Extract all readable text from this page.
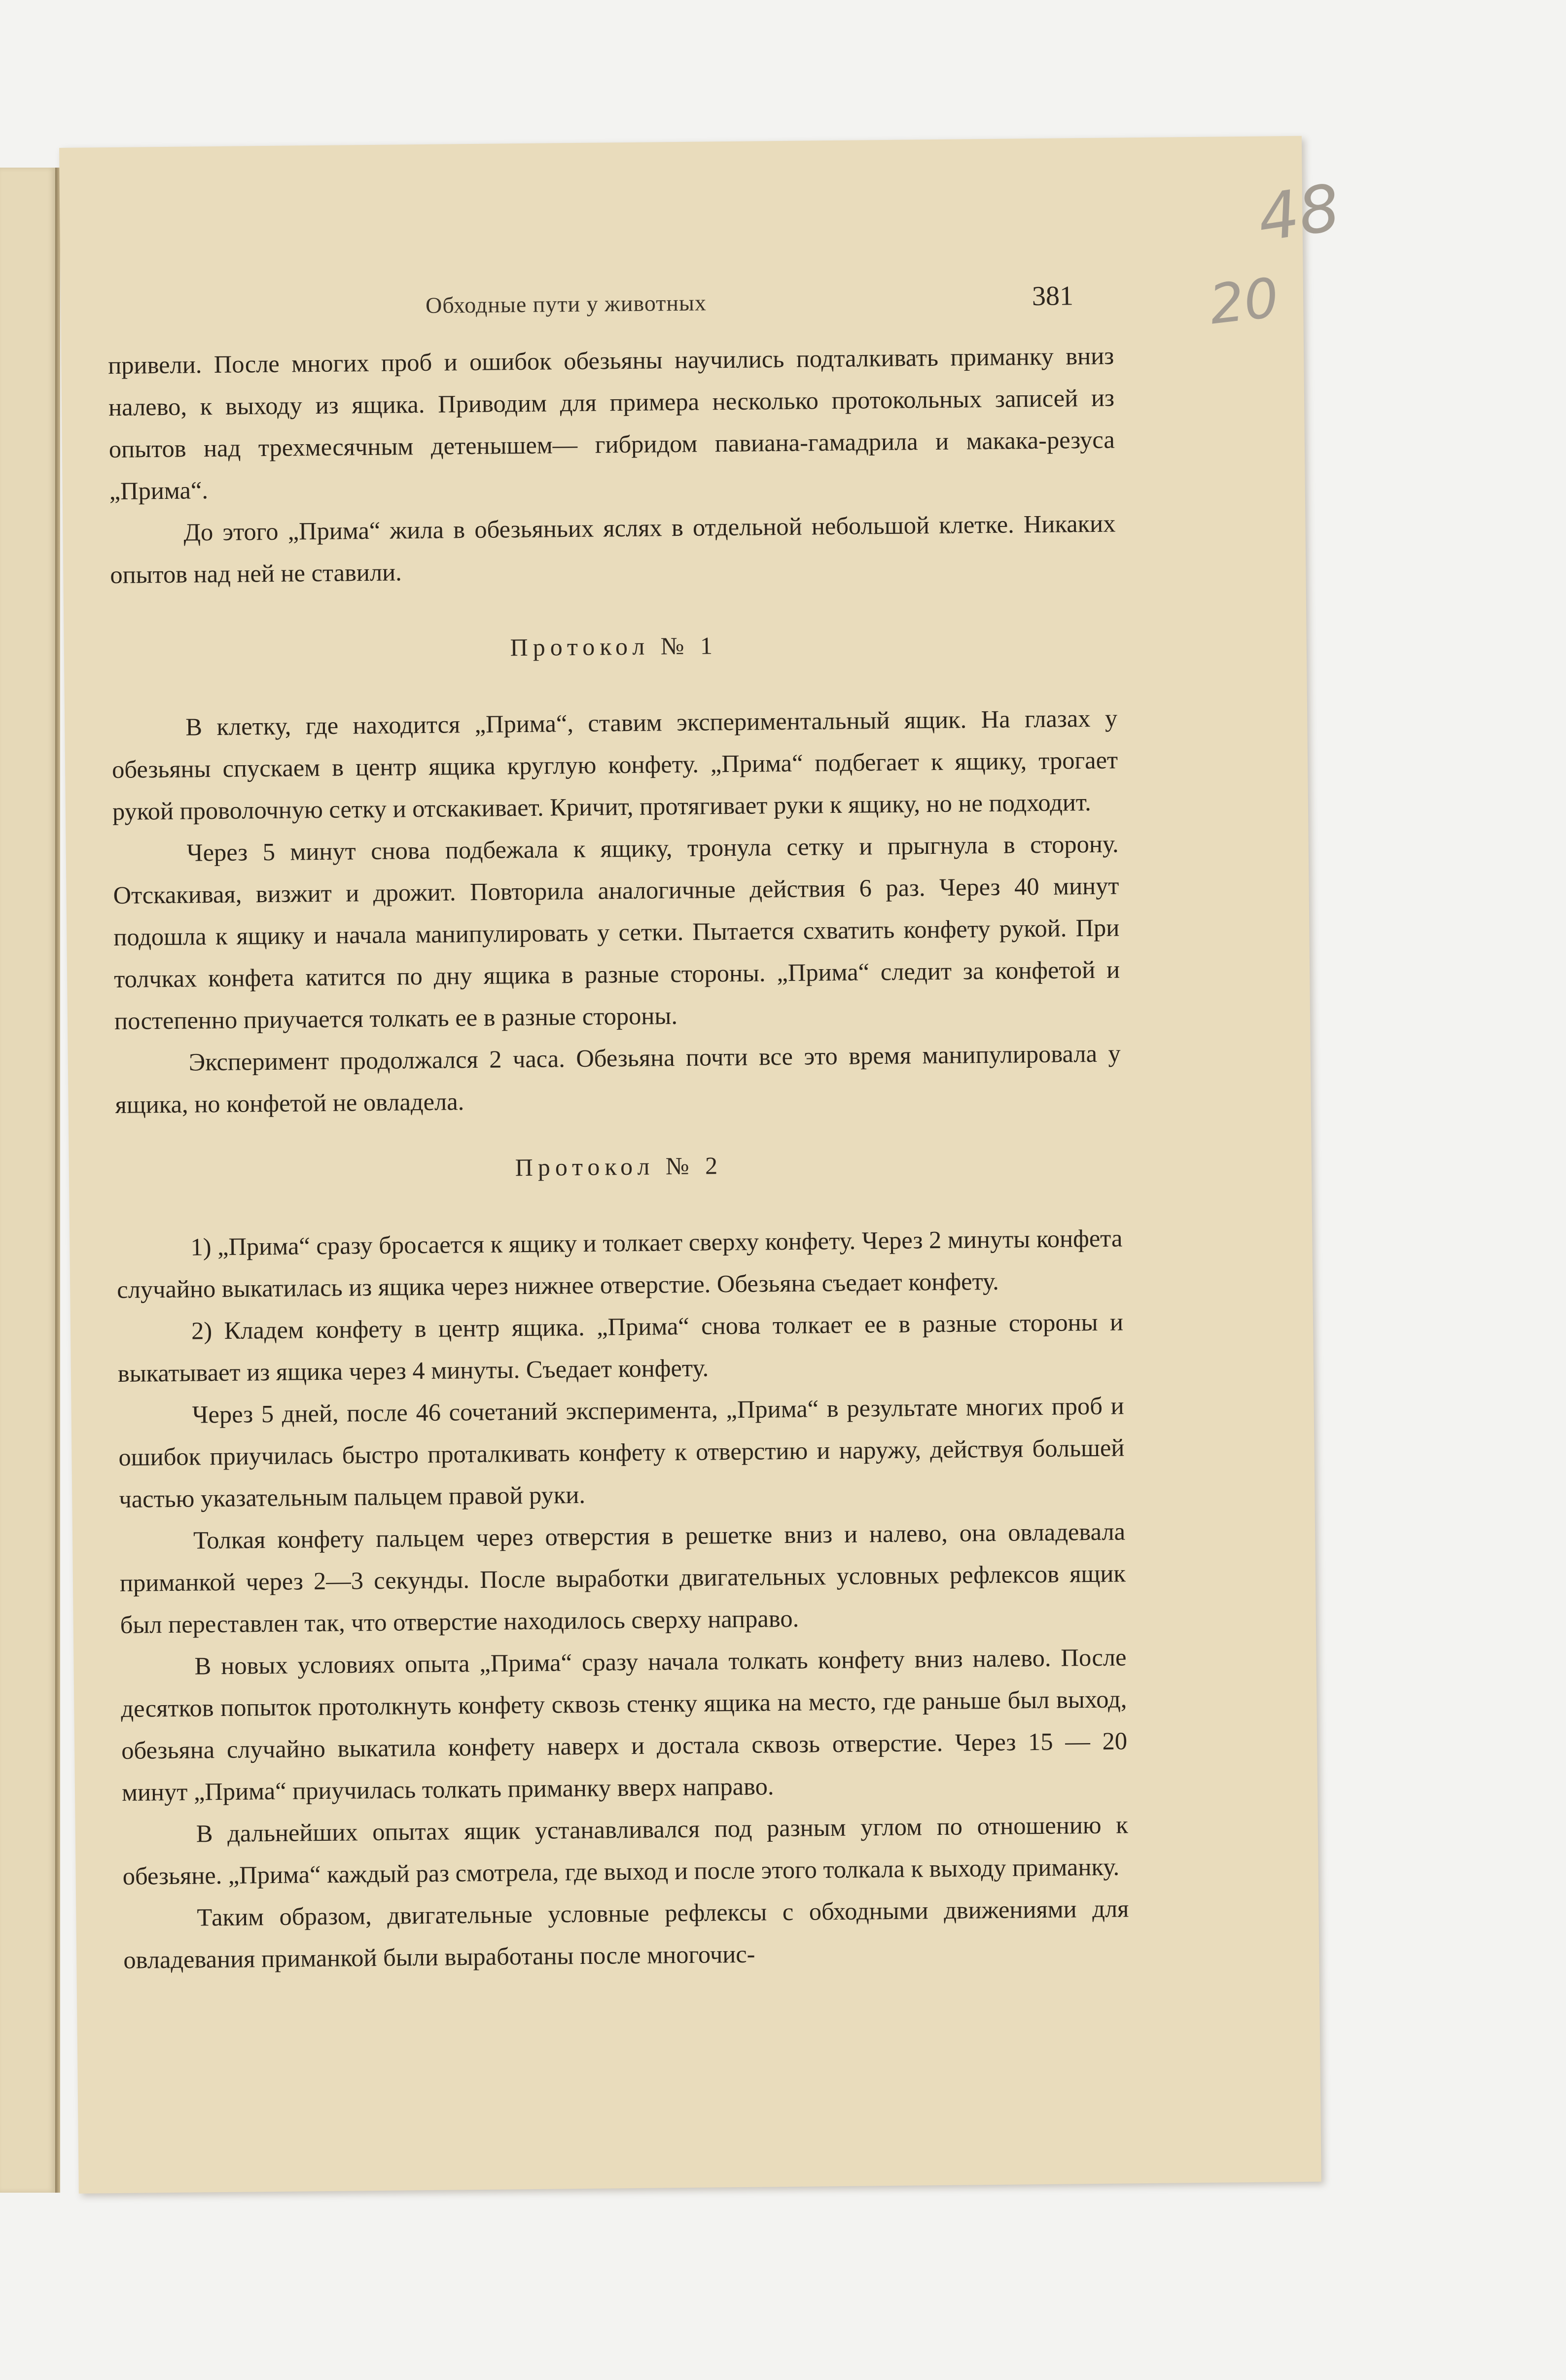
48
20
Обходные пути у животных	381

привели. После многих проб и ошибок обезьяны научились подталкивать приманку вниз налево, к выходу из ящика. Приводим для примера несколько протокольных записей из опытов над трехмесячным детенышем— гибридом павиана-гамадрила и макака-резуса „Прима“.

До этого „Прима“ жила в обезьяньих яслях в отдельной небольшой клетке. Никаких опытов над ней не ставили.

Протокол № 1

В клетку, где находится „Прима“, ставим экспериментальный ящик. На глазах у обезьяны спускаем в центр ящика круглую конфету. „Прима“ подбегает к ящику, трогает рукой проволочную сетку и отскакивает. Кричит, протягивает руки к ящику, но не подходит.

Через 5 минут снова подбежала к ящику, тронула сетку и прыгнула в сторону. Отскакивая, визжит и дрожит. Повторила аналогичные действия 6 раз. Через 40 минут подошла к ящику и начала манипулировать у сетки. Пытается схватить конфету рукой. При толчках конфета катится по дну ящика в разные стороны. „Прима“ следит за конфетой и постепенно приучается толкать ее в разные стороны.

Эксперимент продолжался 2 часа. Обезьяна почти все это время манипулировала у ящика, но конфетой не овладела.

Протокол № 2

1) „Прима“ сразу бросается к ящику и толкает сверху конфету. Через 2 минуты конфета случайно выкатилась из ящика через нижнее отверстие. Обезьяна съедает конфету.

2) Кладем конфету в центр ящика. „Прима“ снова толкает ее в разные стороны и выкатывает из ящика через 4 минуты. Съедает конфету.

Через 5 дней, после 46 сочетаний эксперимента, „Прима“ в результате многих проб и ошибок приучилась быстро проталкивать конфету к отверстию и наружу, действуя большей частью указательным пальцем правой руки.

Толкая конфету пальцем через отверстия в решетке вниз и налево, она овладевала приманкой через 2—3 секунды. После выработки двигательных условных рефлексов ящик был переставлен так, что отверстие находилось сверху направо.

В новых условиях опыта „Прима“ сразу начала толкать конфету вниз налево. После десятков попыток протолкнуть конфету сквозь стенку ящика на место, где раньше был выход, обезьяна случайно выкатила конфету наверх и достала сквозь отверстие. Через 15 — 20 минут „Прима“ приучилась толкать приманку вверх направо.

В дальнейших опытах ящик устанавливался под разным углом по отношению к обезьяне. „Прима“ каждый раз смотрела, где выход и после этого толкала к выходу приманку.

Таким образом, двигательные условные рефлексы с обходными движениями для овладевания приманкой были выработаны после многочис-
